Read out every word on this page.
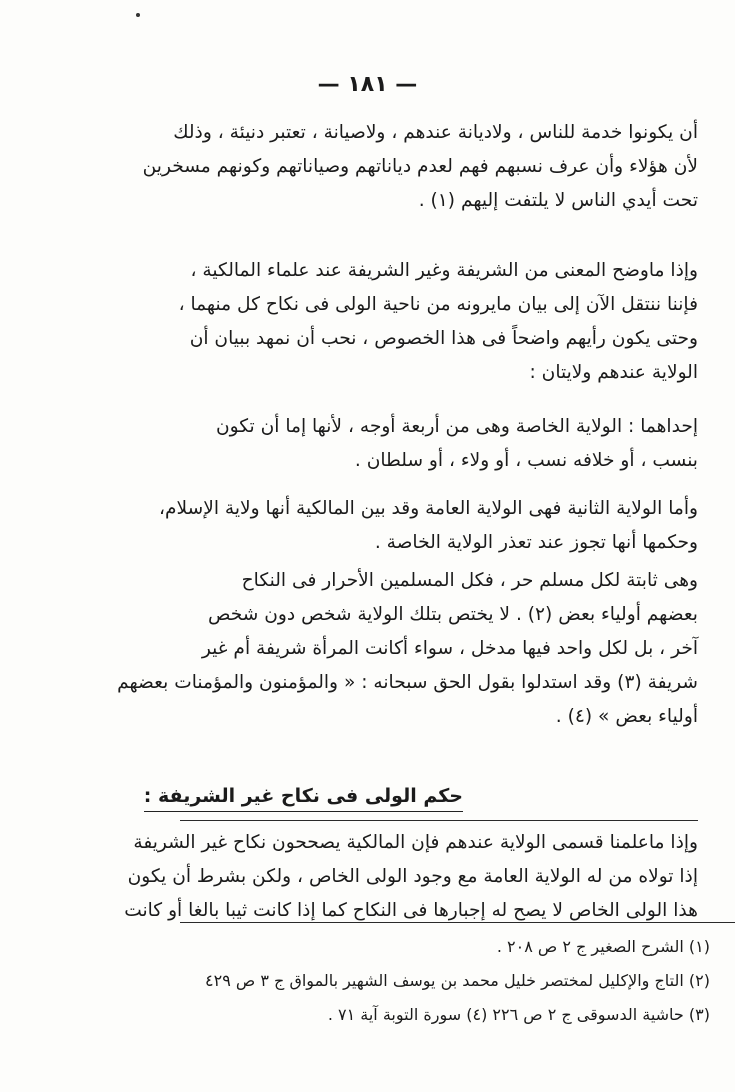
— ١٨١ —
أن يكونوا خدمة للناس ، ولاديانة عندهم ، ولاصيانة ، تعتبر دنيئة ، وذلك
لأن هؤلاء وأن عرف نسبهم فهم لعدم دياناتهم وصياناتهم وكونهم مسخرين
تحت أيدي الناس لا يلتفت إليهم (١) .
وإذا ماوضح المعنى من الشريفة وغير الشريفة عند علماء المالكية ،
فإننا ننتقل الآن إلى بيان مايرونه من ناحية الولى فى نكاح كل منهما ،
وحتى يكون رأيهم واضحاً فى هذا الخصوص ، نحب أن نمهد ببيان أن
الولاية عندهم ولايتان :
إحداهما : الولاية الخاصة وهى من أربعة أوجه ، لأنها إما أن تكون
بنسب ، أو خلافه نسب ، أو ولاء ، أو سلطان .
وأما الولاية الثانية فهى الولاية العامة وقد بين المالكية أنها ولاية الإسلام،
وحكمها أنها تجوز عند تعذر الولاية الخاصة .
وهى ثابتة لكل مسلم حر ، فكل المسلمين الأحرار فى النكاح
بعضهم أولياء بعض (٢) . لا يختص بتلك الولاية شخص دون شخص
آخر ، بل لكل واحد فيها مدخل ، سواء أكانت المرأة شريفة أم غير
شريفة (٣) وقد استدلوا بقول الحق سبحانه : « والمؤمنون والمؤمنات بعضهم
أولياء بعض » (٤) .
حكم الولى فى نكاح غير الشريفة :
وإذا ماعلمنا قسمى الولاية عندهم فإن المالكية يصححون نكاح غير الشريفة
إذا تولاه من له الولاية العامة مع وجود الولى الخاص ، ولكن بشرط أن يكون
هذا الولى الخاص لا يصح له إجبارها فى النكاح كما إذا كانت ثيبا بالغا أو كانت
(١) الشرح الصغير ج ٢ ص ٢٠٨ .
(٢) التاج والإكليل لمختصر خليل محمد بن يوسف الشهير بالمواق ج ٣ ص ٤٢٩
(٣) حاشية الدسوقى ج ٢ ص ٢٢٦ (٤) سورة التوبة آية ٧١ .
